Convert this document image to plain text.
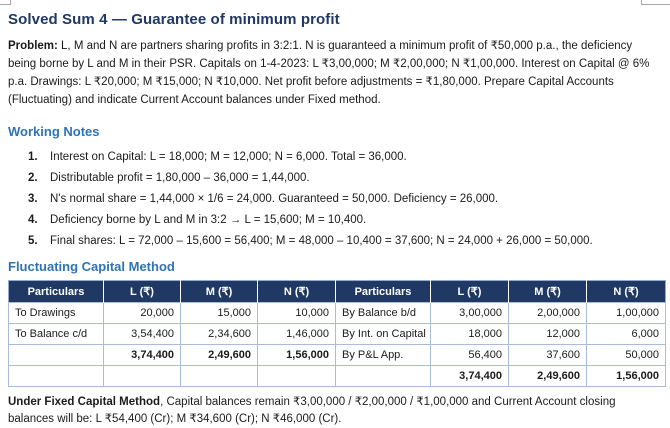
Solved Sum 4 — Guarantee of minimum profit

Problem: L, M and N are partners sharing profits in 3:2:1. N is guaranteed a minimum profit of ₹50,000 p.a., the deficiency being borne by L and M in their PSR. Capitals on 1-4-2023: L ₹3,00,000; M ₹2,00,000; N ₹1,00,000. Interest on Capital @ 6% p.a. Drawings: L ₹20,000; M ₹15,000; N ₹10,000. Net profit before adjustments = ₹1,80,000. Prepare Capital Accounts (Fluctuating) and indicate Current Account balances under Fixed method.

Working Notes
1.	Interest on Capital: L = 18,000; M = 12,000; N = 6,000. Total = 36,000.
2.	Distributable profit = 1,80,000 – 36,000 = 1,44,000.
3.	N's normal share = 1,44,000 × 1/6 = 24,000. Guaranteed = 50,000. Deficiency = 26,000.
4.	Deficiency borne by L and M in 3:2 → L = 15,600; M = 10,400.
5.	Final shares: L = 72,000 – 15,600 = 56,400; M = 48,000 – 10,400 = 37,600; N = 24,000 + 26,000 = 50,000.
Fluctuating Capital Method
Particulars	L (₹)	M (₹)	N (₹)	Particulars	L (₹)	M (₹)	N (₹)
To Drawings	20,000	15,000	10,000	By Balance b/d	3,00,000	2,00,000	1,00,000
To Balance c/d	3,54,400	2,34,600	1,46,000	By Int. on Capital	18,000	12,000	6,000
	3,74,400	2,49,600	1,56,000	By P&L App.	56,400	37,600	50,000
					3,74,400	2,49,600	1,56,000

Under Fixed Capital Method, Capital balances remain ₹3,00,000 / ₹2,00,000 / ₹1,00,000 and Current Account closing balances will be: L ₹54,400 (Cr); M ₹34,600 (Cr); N ₹46,000 (Cr).
